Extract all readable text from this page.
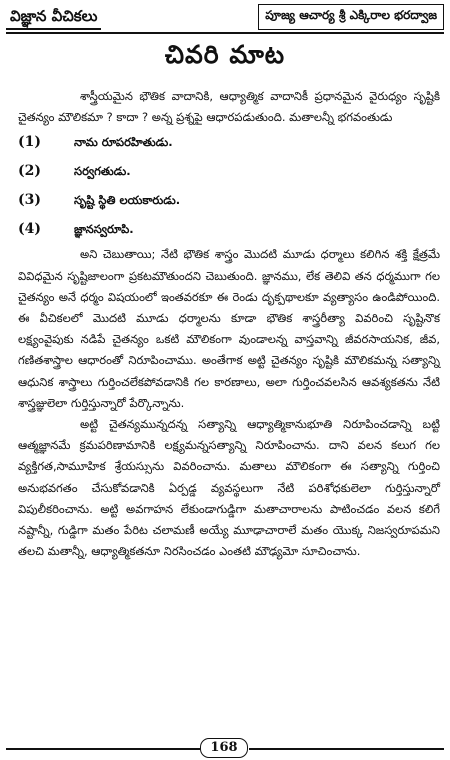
విజ్ఞాన వీచికలు	పూజ్య ఆచార్య శ్రీ ఎక్కిరాల భరద్వాజ
చివరి మాట

శాస్త్రీయమైన భౌతిక వాదానికి, ఆధ్యాత్మిక వాదానికీ ప్రధానమైన వైరుధ్యం సృష్టికి చైతన్యం మౌలికమా ? కాదా ? అన్న ప్రశ్నపై ఆధారపడుతుంది. మతాలన్నీ భగవంతుడు

(1)	నామ రూపరహితుడు.
(2)	సర్వగతుడు.
(3)	సృష్టి స్థితి లయకారుడు.
(4)	జ్ఞానస్వరూపి.

అని చెబుతాయి; నేటి భౌతిక శాస్త్రం మొదటి మూడు ధర్మాలు కలిగిన శక్తి క్షేత్రమే వివిధమైన సృష్టిజాలంగా ప్రకటమౌతుందని చెబుతుంది. జ్ఞానము, లేక తెలివి తన ధర్మముగా గల చైతన్యం అనే ధర్మం విషయంలో ఇంతవరకూ ఈ రెండు దృక్పథాలకూ వ్యత్యాసం ఉండిపోయింది. ఈ వీచికలలో మొదటి మూడు ధర్మాలను కూడా భౌతిక శాస్త్రరీత్యా వివరించి సృష్టినొక లక్ష్యంవైపుకు నడిపే చైతన్యం ఒకటి మౌలికంగా వుండాలన్న వాస్తవాన్ని జీవరసాయనిక, జీవ, గణితశాస్త్రాల ఆధారంతో నిరూపించాము. అంతేగాక అట్టి చైతన్యం సృష్టికి మౌలికమన్న సత్యాన్ని ఆధునిక శాస్త్రాలు గుర్తించలేకపోవడానికి గల కారణాలు, అలా గుర్తించవలసిన ఆవశ్యకతను నేటి శాస్త్రజ్ఞులెలా గుర్తిస్తున్నారో పేర్కొన్నాను.

అట్టి చైతన్యమున్నదన్న సత్యాన్ని ఆధ్యాత్మికానుభూతి నిరూపించడాన్ని బట్టి ఆత్మజ్ఞానమే క్రమపరిణామానికి లక్ష్యమన్నసత్యాన్ని నిరూపించాను. దాని వలన కలుగ గల వ్యక్తిగత,సామూహిక శ్రేయస్సును వివరించాను. మతాలు మౌలికంగా ఈ సత్యాన్ని గుర్తించి అనుభవగతం చేసుకోవడానికి ఏర్పడ్డ వ్యవస్థలుగా నేటి పరిశోధకులెలా గుర్తిస్తున్నారో విపులీకరించాను. అట్టి అవగాహన లేకుండాగుడ్డిగా మతాచారాలను పాటించడం వలన కలిగే నష్టాన్నీ, గుడ్డిగా మతం పేరిట చలామణీ అయ్యే మూఢాచారాలే మతం యొక్క నిజస్వరూపమని తలచి మతాన్నీ, ఆధ్యాత్మికతనూ నిరసించడం ఎంతటి మౌఢ్యమో సూచించాను.

168
